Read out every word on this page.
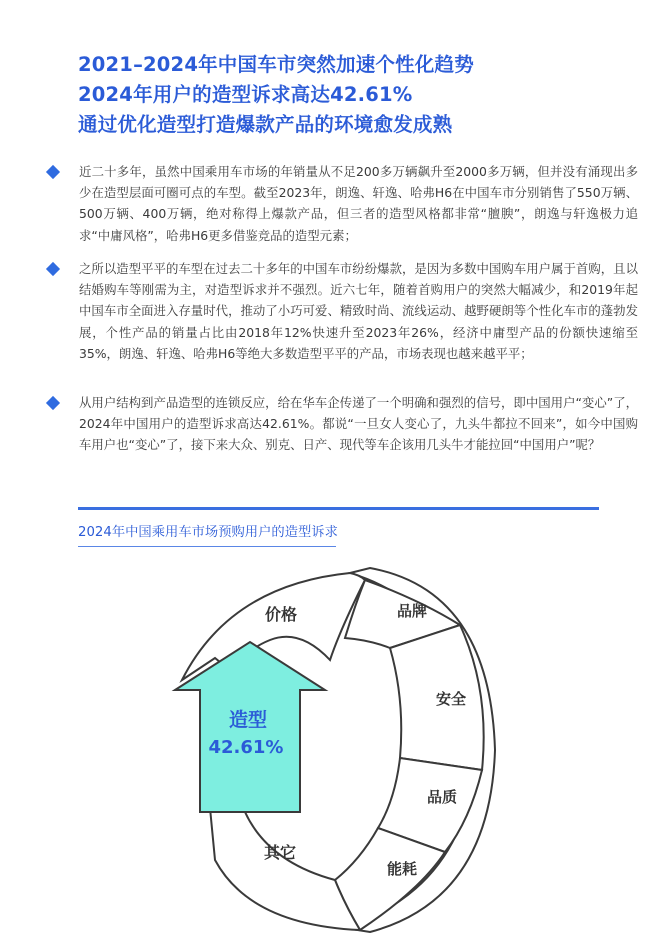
2021–2024年中国车市突然加速个性化趋势
2024年用户的造型诉求高达42.61%
通过优化造型打造爆款产品的环境愈发成熟
近二十多年，虽然中国乘用车市场的年销量从不足200多万辆飙升至2000多万辆，但并没有涌现出多少在造型层面可圈可点的车型。截至2023年，朗逸、轩逸、哈弗H6在中国车市分别销售了550万辆、500万辆、400万辆，绝对称得上爆款产品，但三者的造型风格都非常“膻腴”，朗逸与轩逸极力追求“中庸风格”，哈弗H6更多借鉴竞品的造型元素；
之所以造型平平的车型在过去二十多年的中国车市纷纷爆款，是因为多数中国购车用户属于首购，且以结婚购车等刚需为主，对造型诉求并不强烈。近六七年，随着首购用户的突然大幅减少，和2019年起中国车市全面进入存量时代，推动了小巧可爱、精致时尚、流线运动、越野硬朗等个性化车市的蓬勃发展，个性产品的销量占比由2018年12%快速升至2023年26%，经济中庸型产品的份额快速缩至35%，朗逸、轩逸、哈弗H6等绝大多数造型平平的产品，市场表现也越来越平平；
从用户结构到产品造型的连锁反应，给在华车企传递了一个明确和强烈的信号，即中国用户“变心”了，2024年中国用户的造型诉求高达42.61%。都说“一旦女人变心了，九头牛都拉不回来”，如今中国购车用户也“变心”了，接下来大众、别克、日产、现代等车企该用几头牛才能拉回“中国用户”呢？
2024年中国乘用车市场预购用户的造型诉求
价格	品牌
安全
品质
能耗
其它
造型
42.61%
